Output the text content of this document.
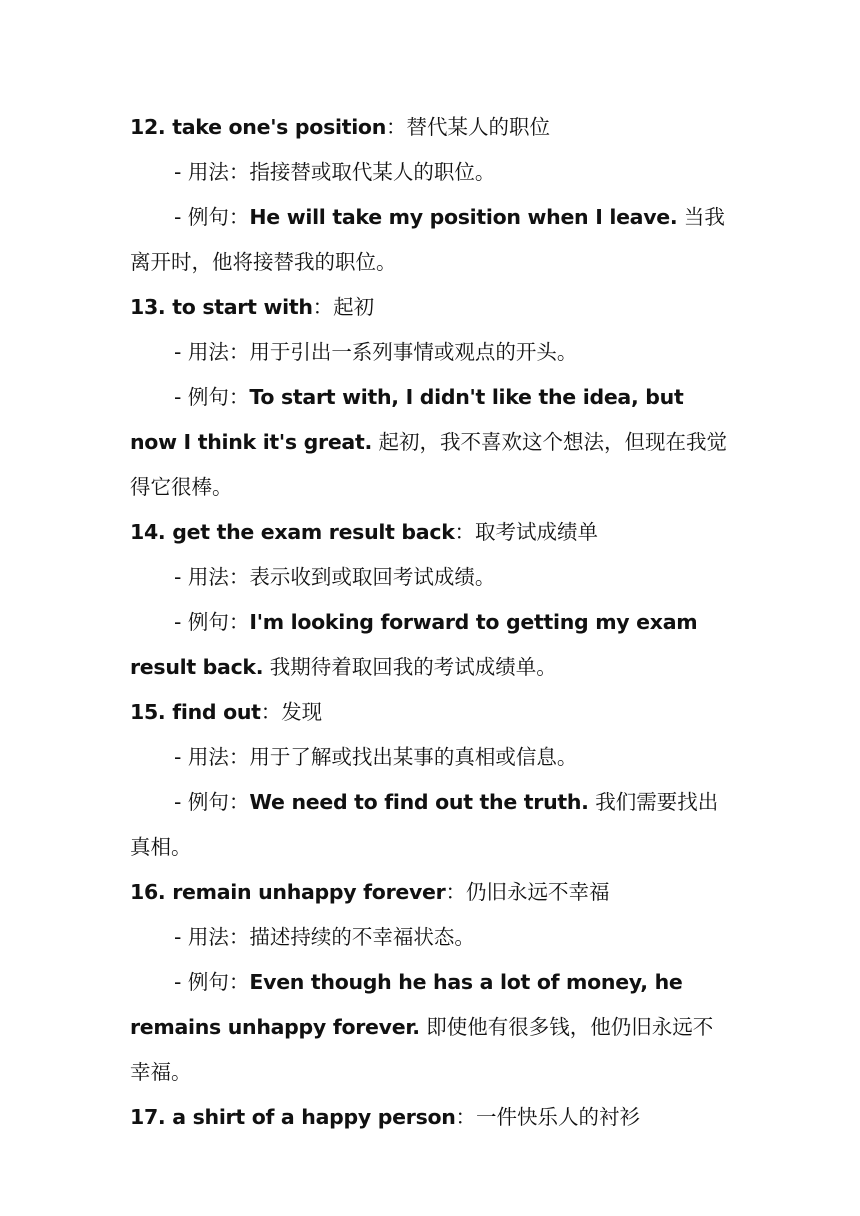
12. take one's position：替代某人的职位

- 用法：指接替或取代某人的职位。

- 例句：He will take my position when I leave. 当我离开时，他将接替我的职位。

13. to start with：起初

- 用法：用于引出一系列事情或观点的开头。

- 例句：To start with, I didn't like the idea, but now I think it's great. 起初，我不喜欢这个想法，但现在我觉得它很棒。

14. get the exam result back：取考试成绩单

- 用法：表示收到或取回考试成绩。

- 例句：I'm looking forward to getting my exam result back. 我期待着取回我的考试成绩单。

15. find out：发现

- 用法：用于了解或找出某事的真相或信息。

- 例句：We need to find out the truth. 我们需要找出真相。

16. remain unhappy forever：仍旧永远不幸福

- 用法：描述持续的不幸福状态。

- 例句：Even though he has a lot of money, he remains unhappy forever. 即使他有很多钱，他仍旧永远不幸福。

17. a shirt of a happy person：一件快乐人的衬衫
